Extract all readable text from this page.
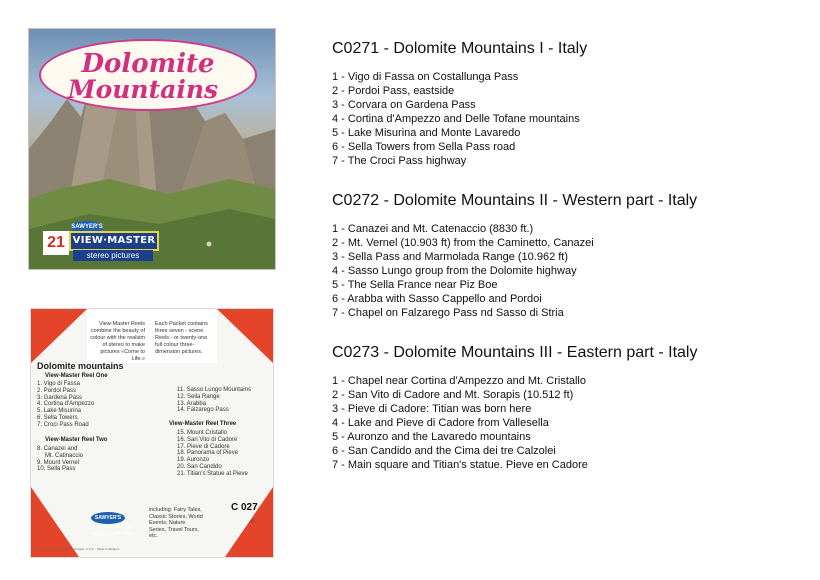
Dolomite
Mountains
21
SAWYER'S
VIEW·MASTER
stereo pictures
View-Master Reels combine the beauty of colour with the realism of stereo to make pictures «Come to Life.»
Each Packet contains three seven - scene Reels - or twenty-one full colour three-dimension pictures.
Dolomite mountains
View-Master Reel One
1. Vigo di Fassa
2. Pordoi Pass
3. Gardena Pass
4. Cortina d'Ampezzo
5. Lake Misurina
6. Sella Towers
7. Croci Pass Road
View-Master Reel Two
8. Canazei and
Mt. Catinaccio
9. Mount Vernel
10. Sella Pass
11. Sasso Lungo Mountains
12. Sella Range
13. Arabba
14. Falzarego Pass
View-Master Reel Three
15. Mount Cristallo
16. San Vito di Cadore
17. Pieve di Cadore
18. Panorama of Pieve
19. Auronzo
20. San Candido
21. Titian's Statue at Pieve
C 027
E
SAWYER'S
See complete list, hundreds of titles,
including: Fairy Tales, Classic Stories, World Events, Nature Series, Travel Tours, etc.
© Sawyer's Inc. Portland 7, Oregon, U.S.A. · Made in Belgium
C0271 - Dolomite Mountains I - Italy
1 - Vigo di Fassa on Costallunga Pass
2 - Pordoi Pass, eastside
3 - Corvara on Gardena Pass
4 - Cortina d'Ampezzo and Delle Tofane mountains
5 - Lake Misurina and Monte Lavaredo
6 - Sella Towers from Sella Pass road
7 - The Croci Pass highway
C0272 - Dolomite Mountains II - Western part - Italy
1 - Canazei and Mt. Catenaccio (8830 ft.)
2 - Mt. Vernel (10.903 ft) from the Caminetto, Canazei
3 - Sella Pass and Marmolada Range (10.962 ft)
4 - Sasso Lungo group from the Dolomite highway
5 - The Sella France near Piz Boe
6 - Arabba with Sasso Cappello and Pordoi
7 - Chapel on Falzarego Pass nd Sasso di Stria
C0273 - Dolomite Mountains III - Eastern part - Italy
1 - Chapel near Cortina d'Ampezzo and Mt. Cristallo
2 - San Vito di Cadore and Mt. Sorapis (10.512 ft)
3 - Pieve di Cadore: Titian was born here
4 - Lake and Pieve di Cadore from Vallesella
5 - Auronzo and the Lavaredo mountains
6 - San Candido and the Cima dei tre Calzolei
7 - Main square and Titian's statue. Pieve en Cadore
